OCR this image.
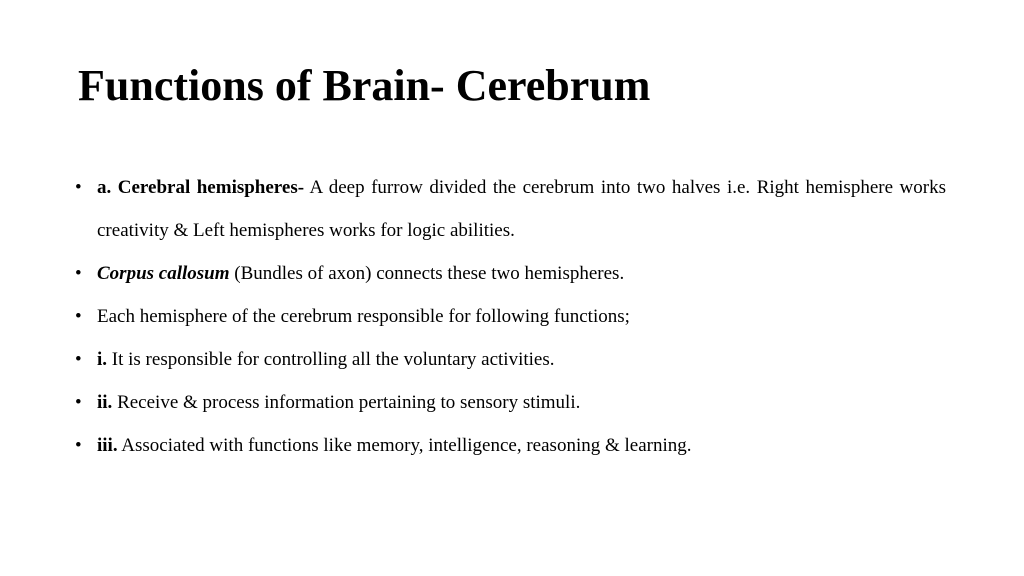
Functions of Brain- Cerebrum
• a. Cerebral hemispheres- A deep furrow divided the cerebrum into two halves i.e. Right hemisphere works creativity & Left hemispheres works for logic abilities.
• Corpus callosum (Bundles of axon) connects these two hemispheres.
• Each hemisphere of the cerebrum responsible for following functions;
• i. It is responsible for controlling all the voluntary activities.
• ii. Receive & process information pertaining to sensory stimuli.
• iii. Associated with functions like memory, intelligence, reasoning & learning.
